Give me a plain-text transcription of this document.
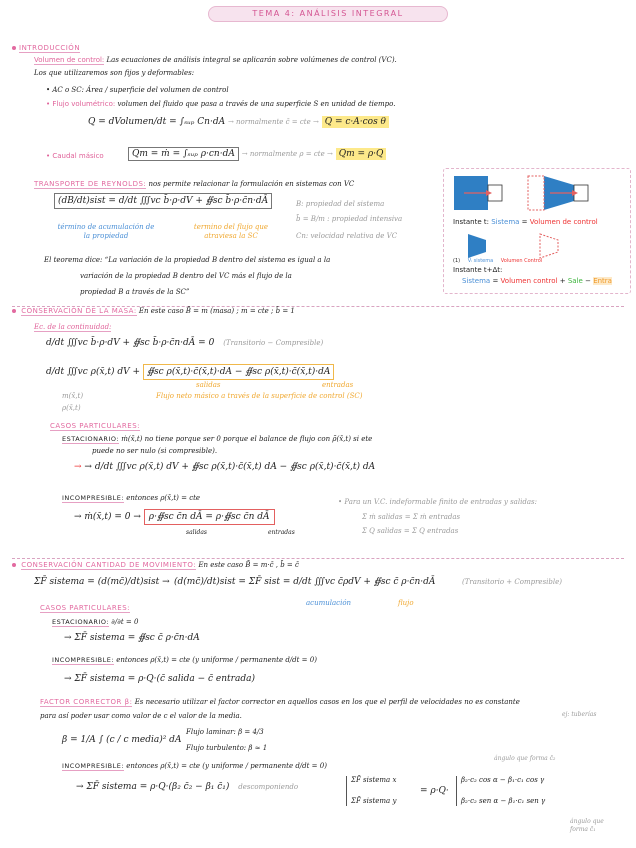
TEMA 4: ANÁLISIS INTEGRAL
INTRODUCCIÓN
Volumen de control: Las ecuaciones de análisis integral se aplicarán sobre volúmenes de control (VC).
Los que utilizaremos son fijos y deformables:
• AC o SC: Área / superficie del volumen de control
• Flujo volumétrico: volumen del fluido que pasa a través de una superficie S en unidad de tiempo.
Q = dVolumen/dt = ∫ₛᵤₚ Cn·dA → normalmente c̄ = cte → Q = c·A·cos θ
• Caudal másico	Qm = ṁ = ∫ₛᵤₚ ρ·cn·dA → normalmente ρ = cte → Qm = ρ·Q
TRANSPORTE DE REYNOLDS: nos permite relacionar la formulación en sistemas con VC
(dB/dt)sist = d/dt ∭vc b̄·ρ·dV + ∯sc b̄·ρ·c̄n·dĀ
término de acumulación de la propiedad
termino del flujo que atraviesa la SC
B: propiedad del sistema
b̄ = B/m : propiedad intensiva
Cn: velocidad relativa de VC
El teorema dice: “La variación de la propiedad B dentro del sistema es igual a la
variación de la propiedad B dentro del VC más el flujo de la
propiedad B a través de la SC”
Instante t: Sistema = Volumen de control
(1) Ṽᵢ sistema Volumen Control
Instante t+Δt:
Sistema = Volumen control + Sale − Entra
CONSERVACIÓN DE LA MASA: En este caso B̄ = m (masa) ; m = cte ; b̄ = 1
Ec. de la continuidad:
d/dt ∭vc b̄·ρ·dV + ∯sc b̄·ρ·c̄n·dĀ = 0 (Transitorio − Compresible)
d/dt ∭vc ρ(x̄,t) dV + ∯sc ρ(x̄,t)·c̄(x̄,t)·dA − ∯sc ρ(x̄,t)·c̄(x̄,t)·dA
salidas	entradas
m(x̄,t)
ρ(x̄,t)
Flujo neto másico a través de la superficie de control (SC)
CASOS PARTICULARES:
ESTACIONARIO: ṁ(x̄,t) no tiene porque ser 0 porque el balance de flujo con ρ̃(x̄,t) si ete
puede no ser nulo (si compresible).
→ → d/dt ∭vc ρ(x̄,t) dV + ∯sc ρ(x̄,t)·c̄(x̄,t) dA − ∯sc ρ(x̄,t)·c̄(x̄,t) dA
INCOMPRESIBLE: entonces ρ(x̄,t) = cte
→ ṁ(x̄,t) = 0 → ρ·∯sc c̄n dĀ = ρ·∯sc c̄n dĀ
salidas	entradas
• Para un V.C. indeformable finito de entradas y salidas:
Σ ṁ salidas = Σ ṁ entradas
Σ Q salidas = Σ Q entradas
CONSERVACIÓN CANTIDAD DE MOVIMIENTO: En este caso B̄ = m·c̄ , b̄ = c̄
ΣF̄ sistema = (d(mc̄)/dt)sist → (d(mc̄)/dt)sist = ΣF̄ sist = d/dt ∭vc c̄ρdV + ∯sc c̄ ρ·c̄n·dĀ	(Transitorio + Compresible)
acumulación	flujo
CASOS PARTICULARES:
ESTACIONARIO: ∂/∂t = 0
→ ΣF̄ sistema = ∯sc c̄ ρ·c̄n·dA
INCOMPRESIBLE: entonces ρ(x̄,t) = cte (y uniforme / permanente d/dt = 0)
→ ΣF̄ sistema = ρ·Q·(c̄ salida − c̄ entrada)
FACTOR CORRECTOR β: Es necesario utilizar el factor corrector en aquellos casos en los que el perfil de velocidades no es constante
para así poder usar como valor de c el valor de la media.	ej: tuberías
β = 1/A ∫ (c / c media)² dA
Flujo laminar: β = 4/3
Flujo turbulento: β ≈ 1
INCOMPRESIBLE: entonces ρ(x̄,t) = cte (y uniforme / permanente d/dt = 0)
ángulo que forma c̄₂
→ ΣF̄ sistema = ρ·Q·(β₂ c̄₂ − β₁ c̄₁) descomponiendo
ΣF̄ sistema x
ΣF̄ sistema y
= ρ·Q·
β₂·c₂ cos α − β₁·c₁ cos γ
β₂·c₂ sen α − β₁·c₁ sen γ
ángulo que forma c̄₁
